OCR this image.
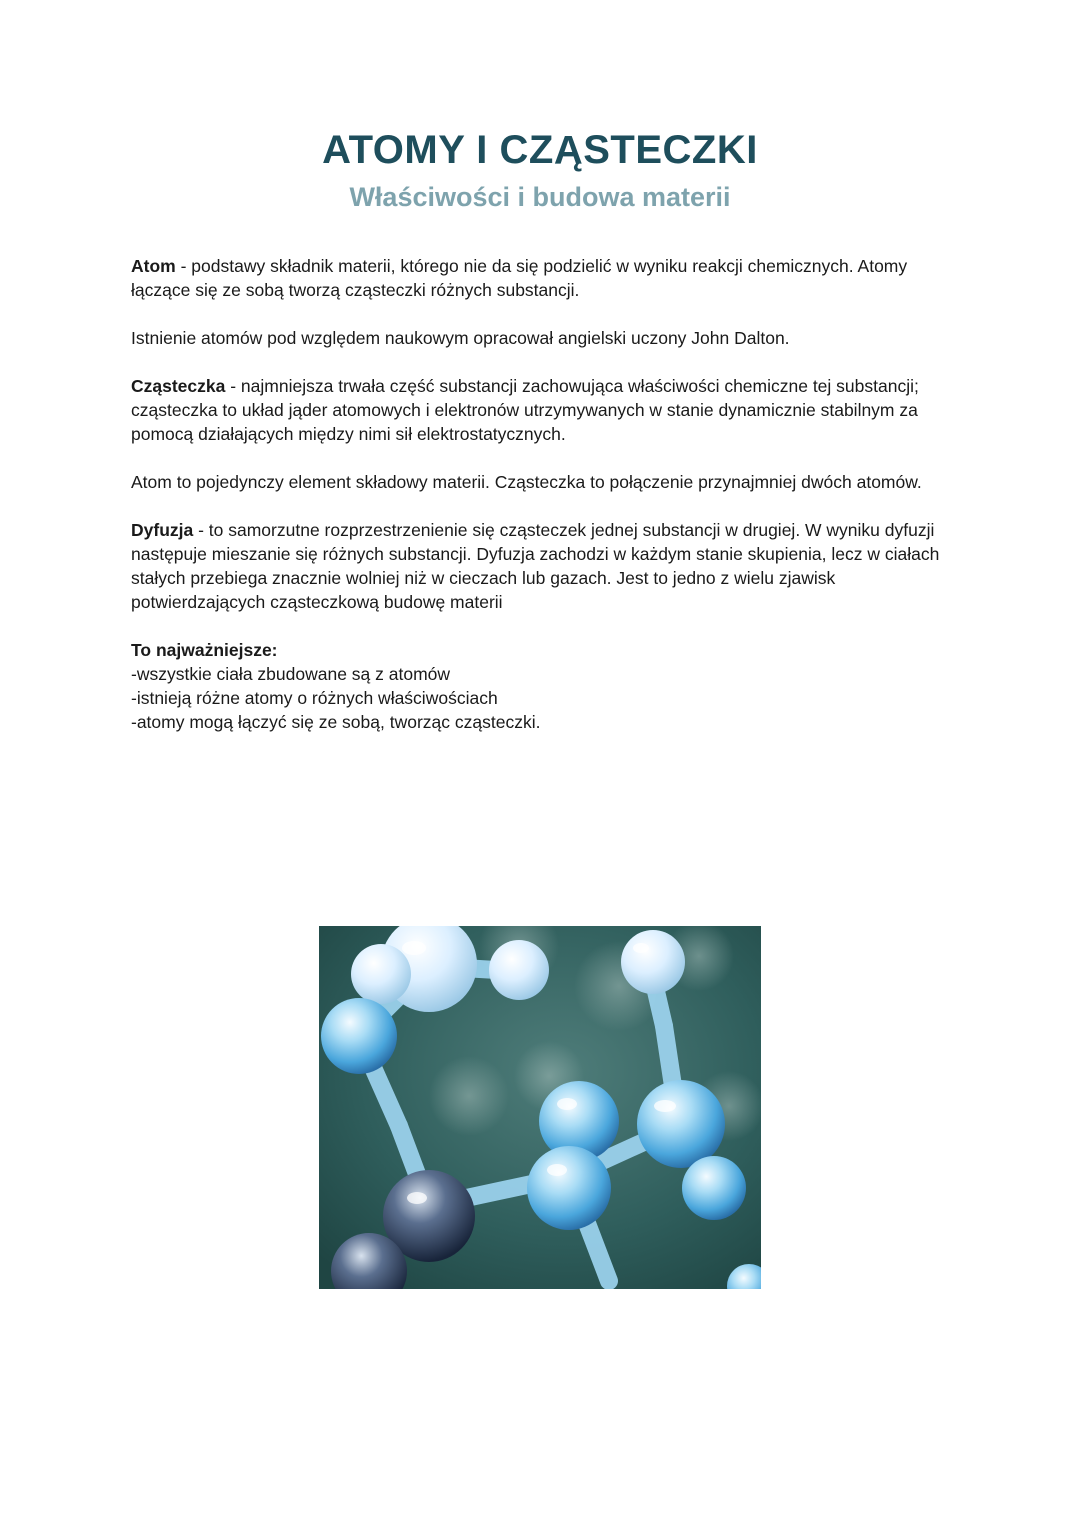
ATOMY I CZĄSTECZKI
Właściwości i budowa materii

Atom - podstawy składnik materii, którego nie da się podzielić w wyniku reakcji chemicznych. Atomy łączące się ze sobą tworzą cząsteczki różnych substancji.

Istnienie atomów pod względem naukowym opracował angielski uczony John Dalton.

Cząsteczka - najmniejsza trwała część substancji zachowująca właściwości chemiczne tej substancji; cząsteczka to układ jąder atomowych i elektronów utrzymywanych w stanie dynamicznie stabilnym za pomocą działających między nimi sił elektrostatycznych.

Atom to pojedynczy element składowy materii. Cząsteczka to połączenie przynajmniej dwóch atomów.

Dyfuzja - to samorzutne rozprzestrzenienie się cząsteczek jednej substancji w drugiej. W wyniku dyfuzji następuje mieszanie się różnych substancji. Dyfuzja zachodzi w każdym stanie skupienia, lecz w ciałach stałych przebiega znacznie wolniej niż w cieczach lub gazach. Jest to jedno z wielu zjawisk potwierdzających cząsteczkową budowę materii

To najważniejsze:

-wszystkie ciała zbudowane są z atomów

-istnieją różne atomy o różnych właściwościach

-atomy mogą łączyć się ze sobą, tworząc cząsteczki.
